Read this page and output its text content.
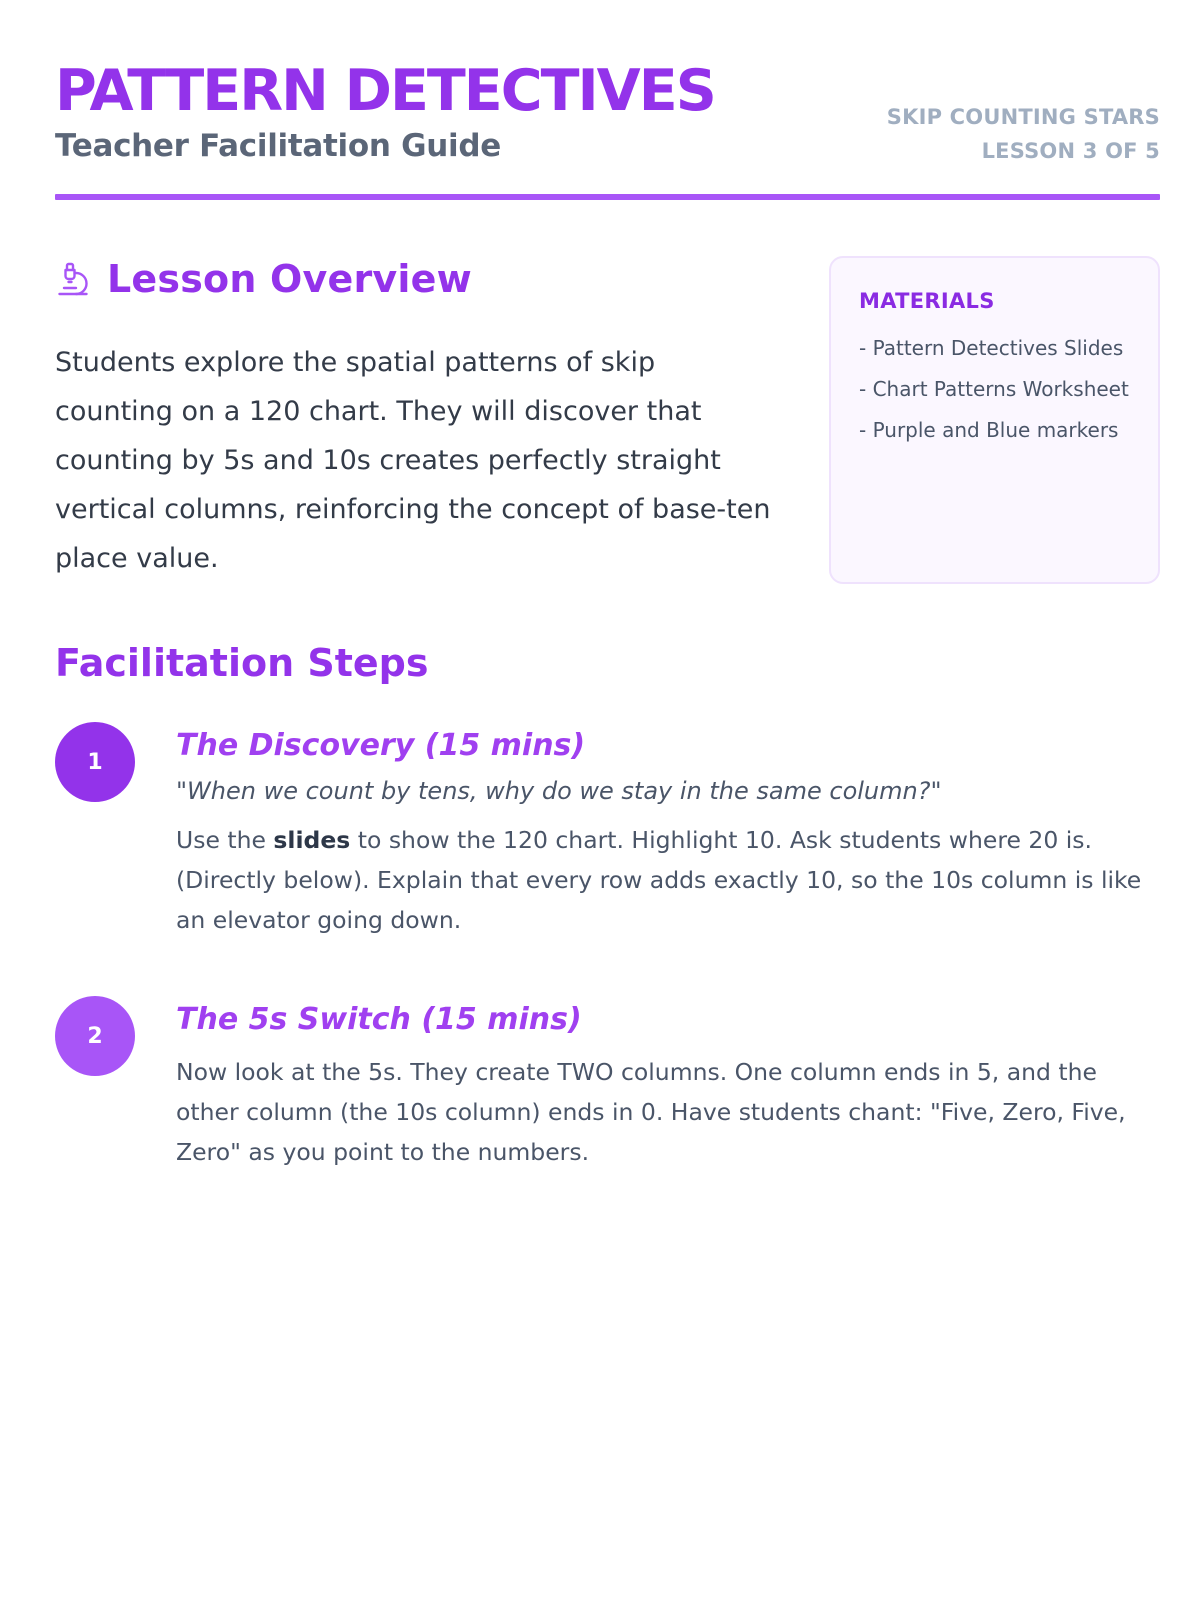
PATTERN DETECTIVES
Teacher Facilitation Guide
SKIP COUNTING STARS
LESSON 3 OF 5
Lesson Overview

Students explore the spatial patterns of skip counting on a 120 chart. They will discover that counting by 5s and 10s creates perfectly straight vertical columns, reinforcing the concept of base-ten place value.

MATERIALS
- Pattern Detectives Slides
- Chart Patterns Worksheet
- Purple and Blue markers
Facilitation Steps
1	The Discovery (15 mins)
"When we count by tens, why do we stay in the same column?"

Use the slides to show the 120 chart. Highlight 10. Ask students where 20 is. (Directly below). Explain that every row adds exactly 10, so the 10s column is like an elevator going down.

2	The 5s Switch (15 mins)

Now look at the 5s. They create TWO columns. One column ends in 5, and the other column (the 10s column) ends in 0. Have students chant: "Five, Zero, Five, Zero" as you point to the numbers.
